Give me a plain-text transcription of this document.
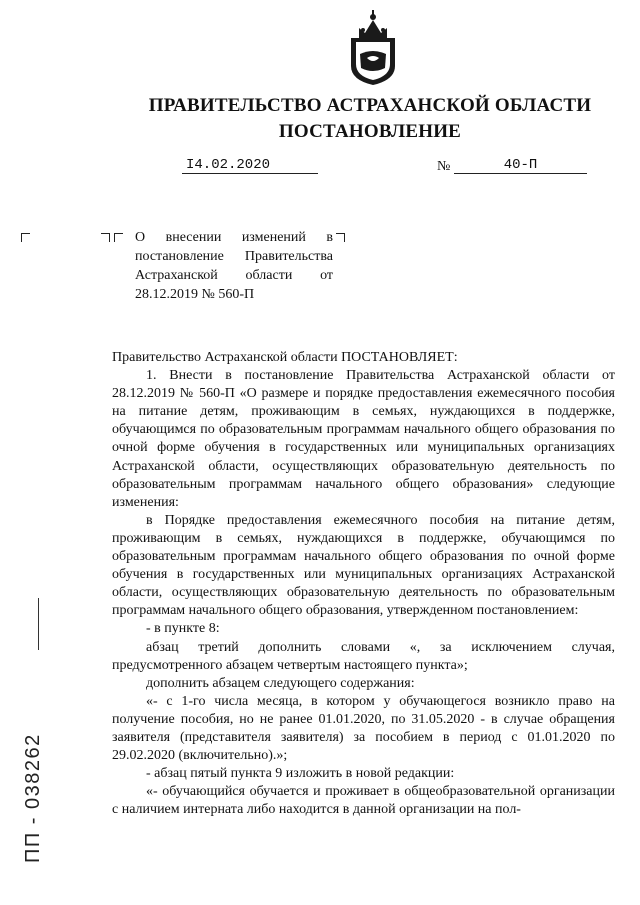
ПРАВИТЕЛЬСТВО АСТРАХАНСКОЙ ОБЛАСТИ
ПОСТАНОВЛЕНИЕ
I4.02.2020	№	40-П
О внесении изменений в постановление Правительства Астраханской области от 28.12.2019 № 560-П

Правительство Астраханской области ПОСТАНОВЛЯЕТ:

1. Внести в постановление Правительства Астраханской области от 28.12.2019 № 560-П «О размере и порядке предоставления ежемесячного пособия на питание детям, проживающим в семьях, нуждающихся в поддержке, обучающимся по образовательным программам начального общего образования по очной форме обучения в государственных или муниципальных организациях Астраханской области, осуществляющих образовательную деятельность по образовательным программам начального общего образования» следующие изменения:

в Порядке предоставления ежемесячного пособия на питание детям, проживающим в семьях, нуждающихся в поддержке, обучающимся по образовательным программам начального общего образования по очной форме обучения в государственных или муниципальных организациях Астраханской области, осуществляющих образовательную деятельность по образовательным программам начального общего образования, утвержденном постановлением:

- в пункте 8:

абзац третий дополнить словами «, за исключением случая, предусмотренного абзацем четвертым настоящего пункта»;

дополнить абзацем следующего содержания:

«- с 1-го числа месяца, в котором у обучающегося возникло право на получение пособия, но не ранее 01.01.2020, по 31.05.2020 - в случае обращения заявителя (представителя заявителя) за пособием в период с 01.01.2020 по 29.02.2020 (включительно).»;

- абзац пятый пункта 9 изложить в новой редакции:

«- обучающийся обучается и проживает в общеобразовательной организации с наличием интерната либо находится в данной организации на пол-

ПП - 038262
